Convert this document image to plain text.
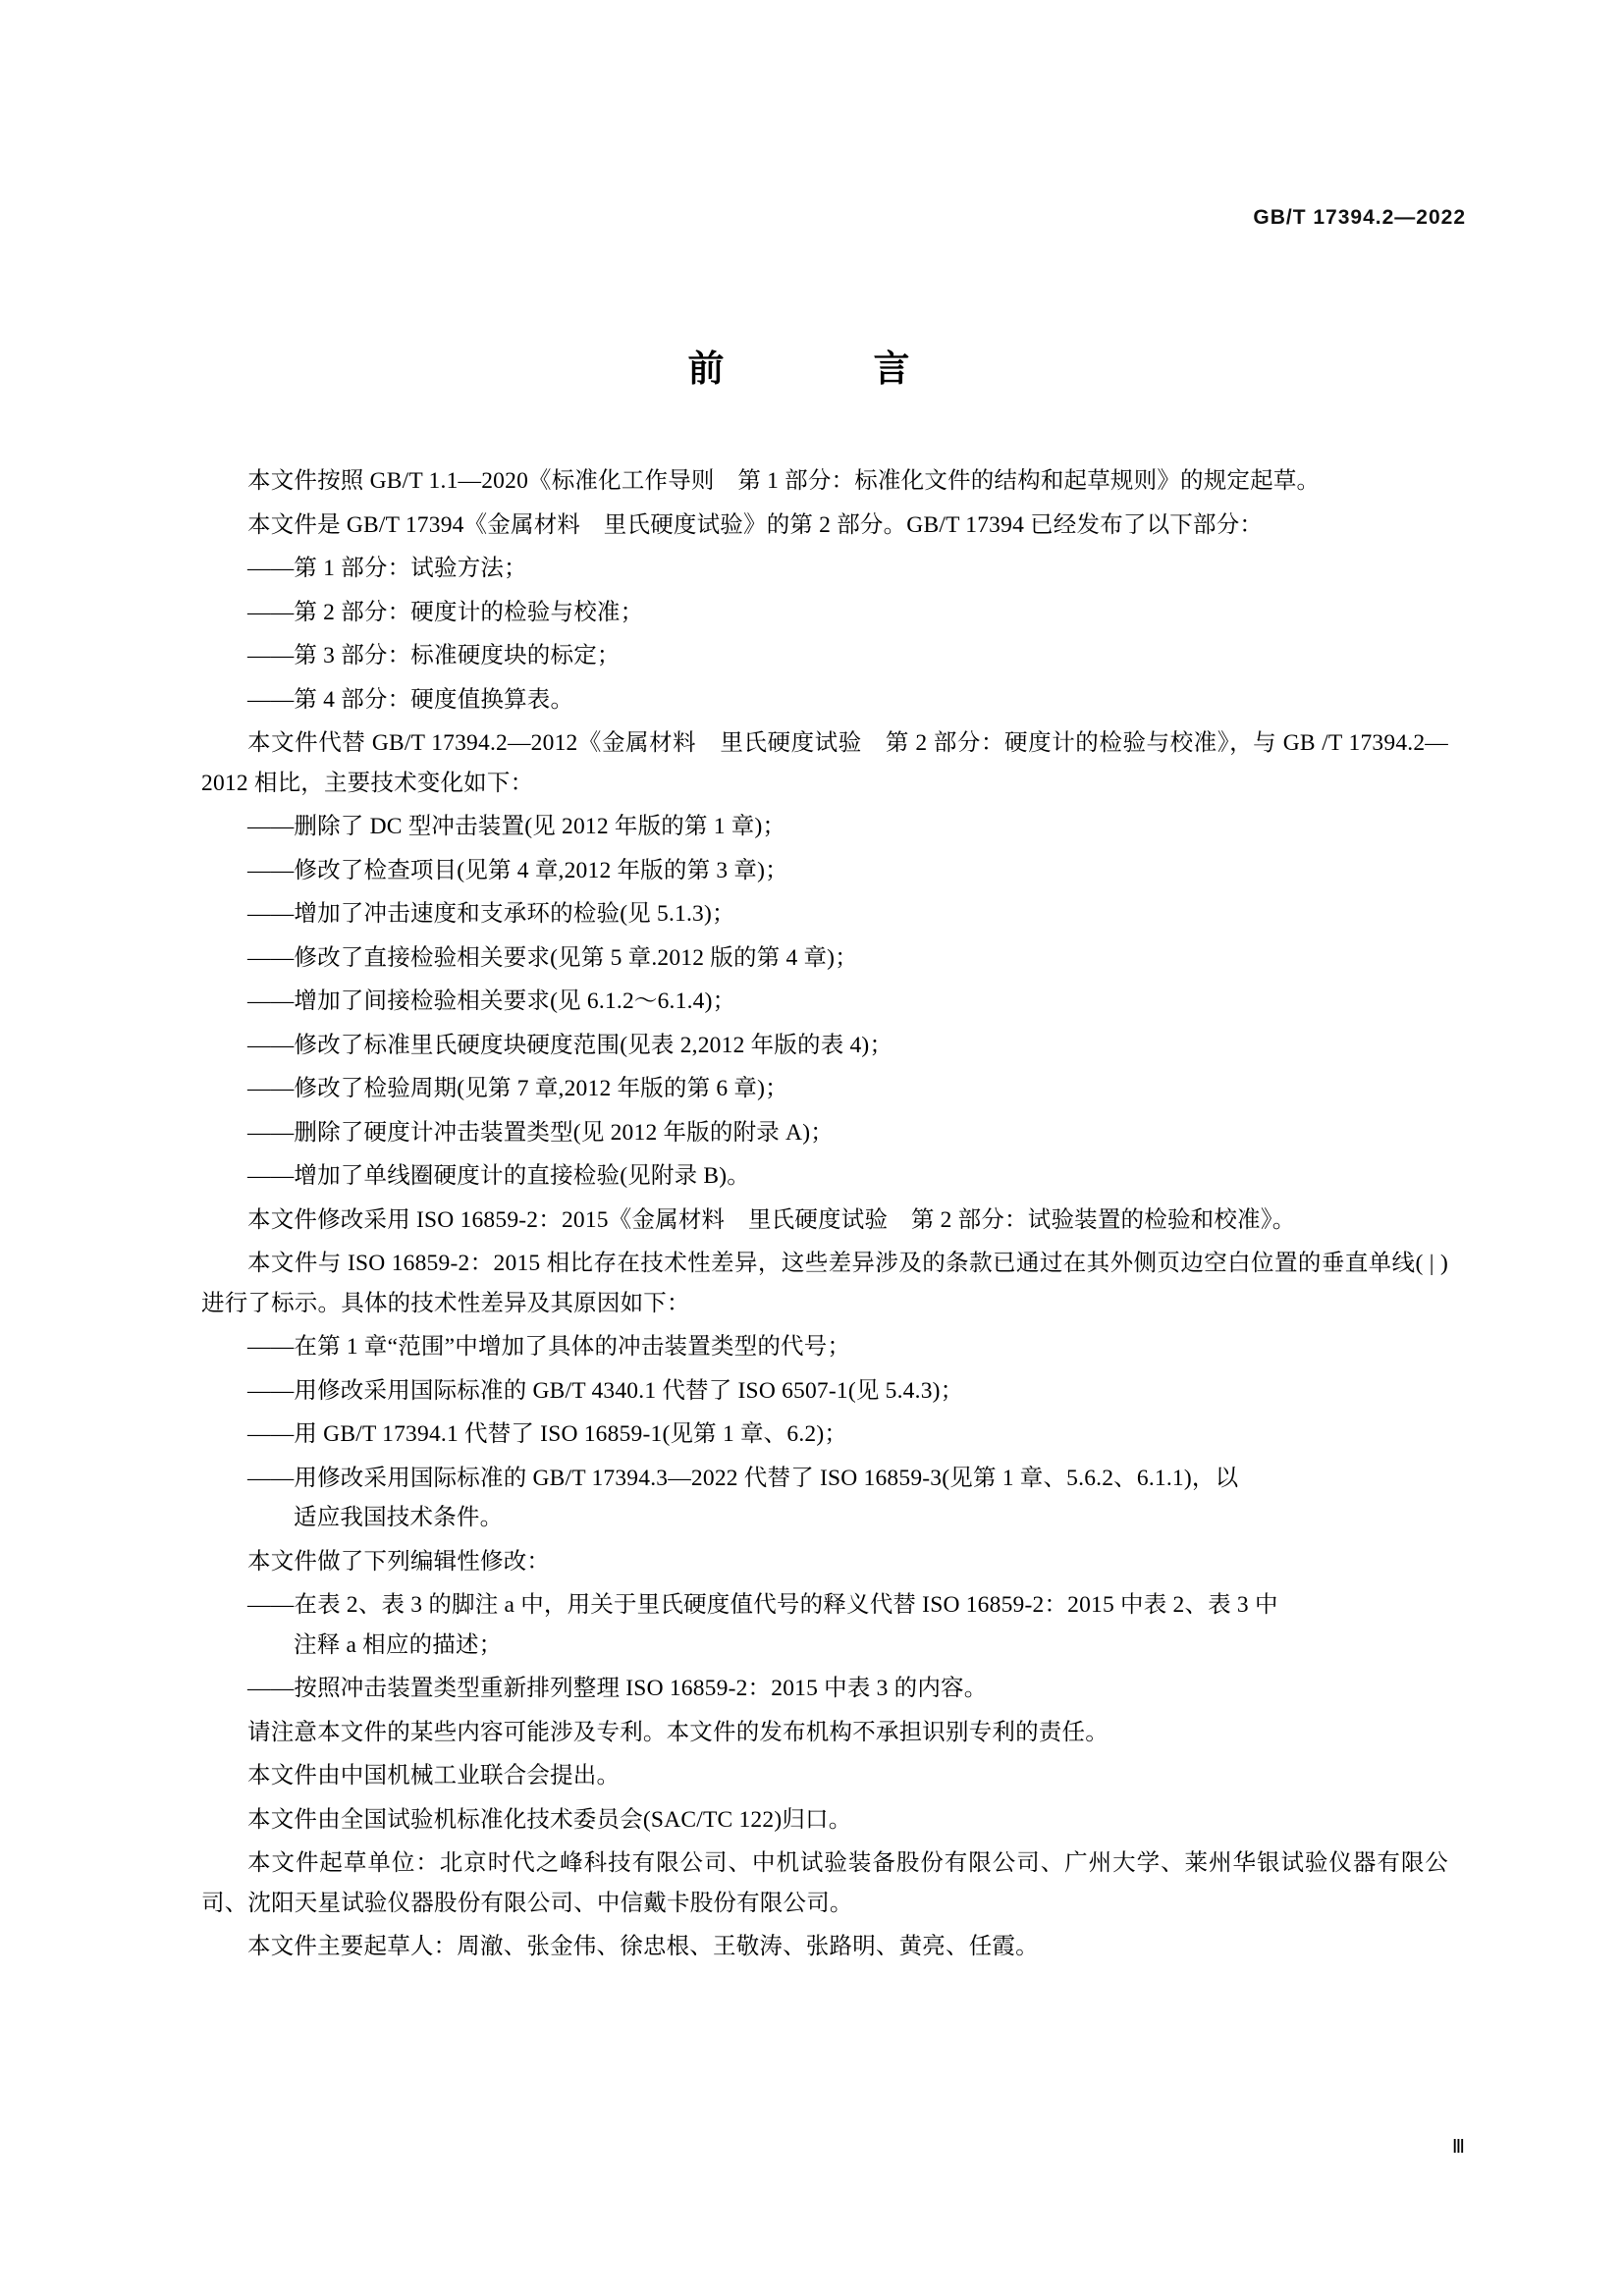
GB/T 17394.2—2022
前　　言

本文件按照 GB/T 1.1—2020《标准化工作导则　第 1 部分：标准化文件的结构和起草规则》的规定起草。

本文件是 GB/T 17394《金属材料　里氏硬度试验》的第 2 部分。GB/T 17394 已经发布了以下部分：

——第 1 部分：试验方法；

——第 2 部分：硬度计的检验与校准；

——第 3 部分：标准硬度块的标定；

——第 4 部分：硬度值换算表。

本文件代替 GB/T 17394.2—2012《金属材料　里氏硬度试验　第 2 部分：硬度计的检验与校准》，与 GB /T 17394.2—2012 相比，主要技术变化如下：

——删除了 DC 型冲击装置(见 2012 年版的第 1 章)；

——修改了检查项目(见第 4 章,2012 年版的第 3 章)；

——增加了冲击速度和支承环的检验(见 5.1.3)；

——修改了直接检验相关要求(见第 5 章.2012 版的第 4 章)；

——增加了间接检验相关要求(见 6.1.2～6.1.4)；

——修改了标准里氏硬度块硬度范围(见表 2,2012 年版的表 4)；

——修改了检验周期(见第 7 章,2012 年版的第 6 章)；

——删除了硬度计冲击装置类型(见 2012 年版的附录 A)；

——增加了单线圈硬度计的直接检验(见附录 B)。

本文件修改采用 ISO 16859-2：2015《金属材料　里氏硬度试验　第 2 部分：试验装置的检验和校准》。

本文件与 ISO 16859-2：2015 相比存在技术性差异，这些差异涉及的条款已通过在其外侧页边空白位置的垂直单线( | )进行了标示。具体的技术性差异及其原因如下：

——在第 1 章“范围”中增加了具体的冲击装置类型的代号；

——用修改采用国际标准的 GB/T 4340.1 代替了 ISO 6507-1(见 5.4.3)；

——用 GB/T 17394.1 代替了 ISO 16859-1(见第 1 章、6.2)；

——用修改采用国际标准的 GB/T 17394.3—2022 代替了 ISO 16859-3(见第 1 章、5.6.2、6.1.1)，以
适应我国技术条件。

本文件做了下列编辑性修改：

——在表 2、表 3 的脚注 a 中，用关于里氏硬度值代号的释义代替 ISO 16859-2：2015 中表 2、表 3 中
注释 a 相应的描述；

——按照冲击装置类型重新排列整理 ISO 16859-2：2015 中表 3 的内容。

请注意本文件的某些内容可能涉及专利。本文件的发布机构不承担识别专利的责任。

本文件由中国机械工业联合会提出。

本文件由全国试验机标准化技术委员会(SAC/TC 122)归口。

本文件起草单位：北京时代之峰科技有限公司、中机试验装备股份有限公司、广州大学、莱州华银试验仪器有限公司、沈阳天星试验仪器股份有限公司、中信戴卡股份有限公司。

本文件主要起草人：周澈、张金伟、徐忠根、王敬涛、张路明、黄亮、任霞。

Ⅲ
